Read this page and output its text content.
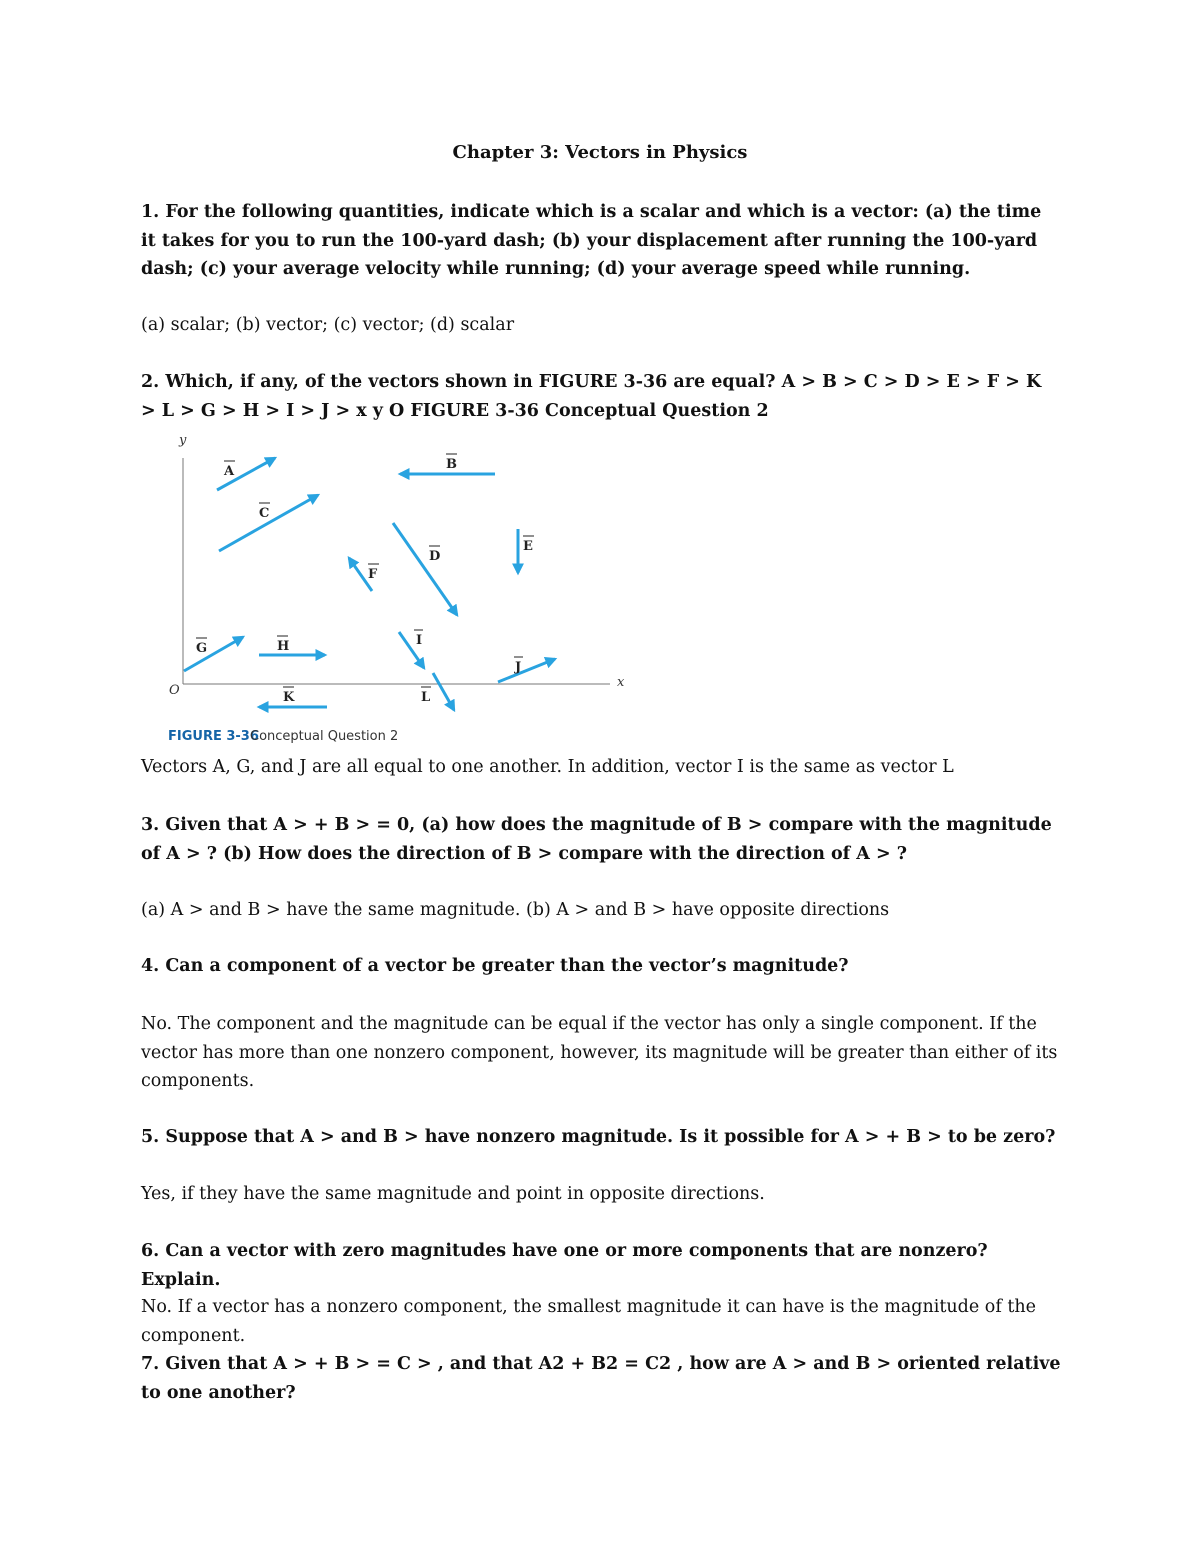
Chapter 3: Vectors in Physics
1. For the following quantities, indicate which is a scalar and which is a vector: (a) the time it takes for you to run the 100-yard dash; (b) your displacement after running the 100-yard dash; (c) your average velocity while running; (d) your average speed while running.
(a) scalar; (b) vector; (c) vector; (d) scalar
2. Which, if any, of the vectors shown in FIGURE 3-36 are equal? A > B > C > D > E > F > K > L > G > H > I > J > x y O FIGURE 3-36 Conceptual Question 2
y
x
O
A	B
C
D
E
F
G	H	I
J
K	L
FIGURE 3-36
Conceptual Question 2
Vectors A, G, and J are all equal to one another. In addition, vector I is the same as vector L
3. Given that A > + B > = 0, (a) how does the magnitude of B > compare with the magnitude of A > ? (b) How does the direction of B > compare with the direction of A > ?
(a) A > and B > have the same magnitude. (b) A > and B > have opposite directions
4. Can a component of a vector be greater than the vector’s magnitude?
No. The component and the magnitude can be equal if the vector has only a single component. If the vector has more than one nonzero component, however, its magnitude will be greater than either of its components.
5. Suppose that A > and B > have nonzero magnitude. Is it possible for A > + B > to be zero?
Yes, if they have the same magnitude and point in opposite directions.
6. Can a vector with zero magnitudes have one or more components that are nonzero? Explain.
No. If a vector has a nonzero component, the smallest magnitude it can have is the magnitude of the component.
7. Given that A > + B > = C > , and that A2 + B2 = C2 , how are A > and B > oriented relative to one another?
